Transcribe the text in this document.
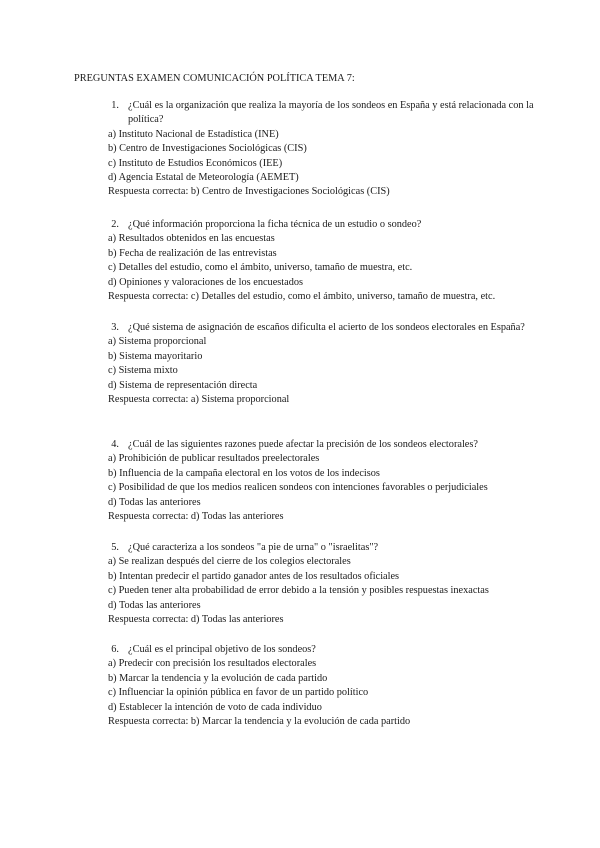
PREGUNTAS EXAMEN COMUNICACIÓN POLÍTICA TEMA 7:
1. ¿Cuál es la organización que realiza la mayoría de los sondeos en España y está relacionada con la política?
a) Instituto Nacional de Estadística (INE)
b) Centro de Investigaciones Sociológicas (CIS)
c) Instituto de Estudios Económicos (IEE)
d) Agencia Estatal de Meteorología (AEMET)
Respuesta correcta: b) Centro de Investigaciones Sociológicas (CIS)
2. ¿Qué información proporciona la ficha técnica de un estudio o sondeo?
a) Resultados obtenidos en las encuestas
b) Fecha de realización de las entrevistas
c) Detalles del estudio, como el ámbito, universo, tamaño de muestra, etc.
d) Opiniones y valoraciones de los encuestados
Respuesta correcta: c) Detalles del estudio, como el ámbito, universo, tamaño de muestra, etc.
3. ¿Qué sistema de asignación de escaños dificulta el acierto de los sondeos electorales en España?
a) Sistema proporcional
b) Sistema mayoritario
c) Sistema mixto
d) Sistema de representación directa
Respuesta correcta: a) Sistema proporcional
4. ¿Cuál de las siguientes razones puede afectar la precisión de los sondeos electorales?
a) Prohibición de publicar resultados preelectorales
b) Influencia de la campaña electoral en los votos de los indecisos
c) Posibilidad de que los medios realicen sondeos con intenciones favorables o perjudiciales
d) Todas las anteriores
Respuesta correcta: d) Todas las anteriores
5. ¿Qué caracteriza a los sondeos "a pie de urna" o "israelitas"?
a) Se realizan después del cierre de los colegios electorales
b) Intentan predecir el partido ganador antes de los resultados oficiales
c) Pueden tener alta probabilidad de error debido a la tensión y posibles respuestas inexactas
d) Todas las anteriores
Respuesta correcta: d) Todas las anteriores
6. ¿Cuál es el principal objetivo de los sondeos?
a) Predecir con precisión los resultados electorales
b) Marcar la tendencia y la evolución de cada partido
c) Influenciar la opinión pública en favor de un partido político
d) Establecer la intención de voto de cada individuo
Respuesta correcta: b) Marcar la tendencia y la evolución de cada partido
